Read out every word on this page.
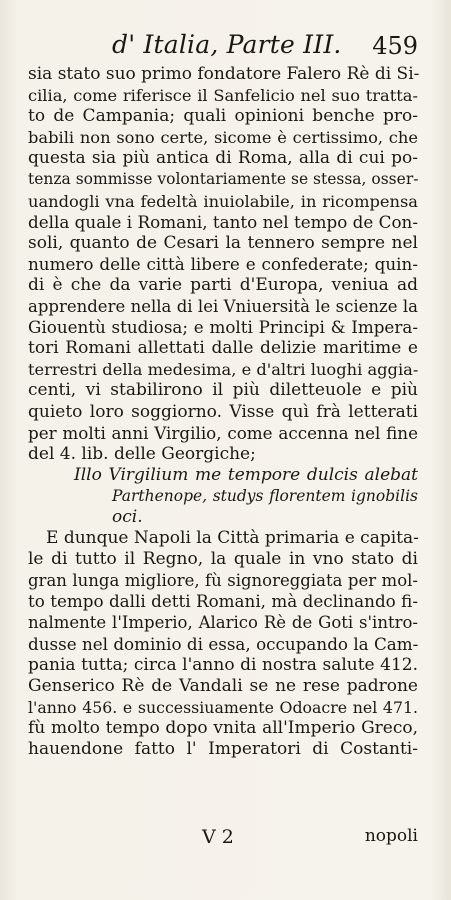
d' Italia, Parte III. 459
sia stato suo primo fondatore Falero Rè di Si-
cilia, come riferisce il Sanfelicio nel suo tratta-
to de Campania; quali opinioni benche pro-
babili non sono certe, sicome è certissimo, che
questa sia più antica di Roma, alla di cui po-
tenza sommisse volontariamente se stessa, osser-
uandogli vna fedeltà inuiolabile, in ricompensa
della quale i Romani, tanto nel tempo de Con-
soli, quanto de Cesari la tennero sempre nel
numero delle città libere e confederate; quin-
di è che da varie parti d'Europa, veniua ad
apprendere nella di lei Vniuersità le scienze la
Giouentù studiosa; e molti Principi & Impera-
tori Romani allettati dalle delizie maritime e
terrestri della medesima, e d'altri luoghi aggia-
centi, vi stabilirono il più diletteuole e più
quieto loro soggiorno. Visse quì frà letterati
per molti anni Virgilio, come accenna nel fine
del 4. lib. delle Georgiche;
Illo Virgilium me tempore dulcis alebat
Parthenope, studys florentem ignobilis
oci.
E dunque Napoli la Città primaria e capita-
le di tutto il Regno, la quale in vno stato di
gran lunga migliore, fù signoreggiata per mol-
to tempo dalli detti Romani, mà declinando fi-
nalmente l'Imperio, Alarico Rè de Goti s'intro-
dusse nel dominio di essa, occupando la Cam-
pania tutta; circa l'anno di nostra salute 412.
Genserico Rè de Vandali se ne rese padrone
l'anno 456. e successiuamente Odoacre nel 471.
fù molto tempo dopo vnita all'Imperio Greco,
hauendone fatto l' Imperatori di Costanti-
V 2	nopoli
